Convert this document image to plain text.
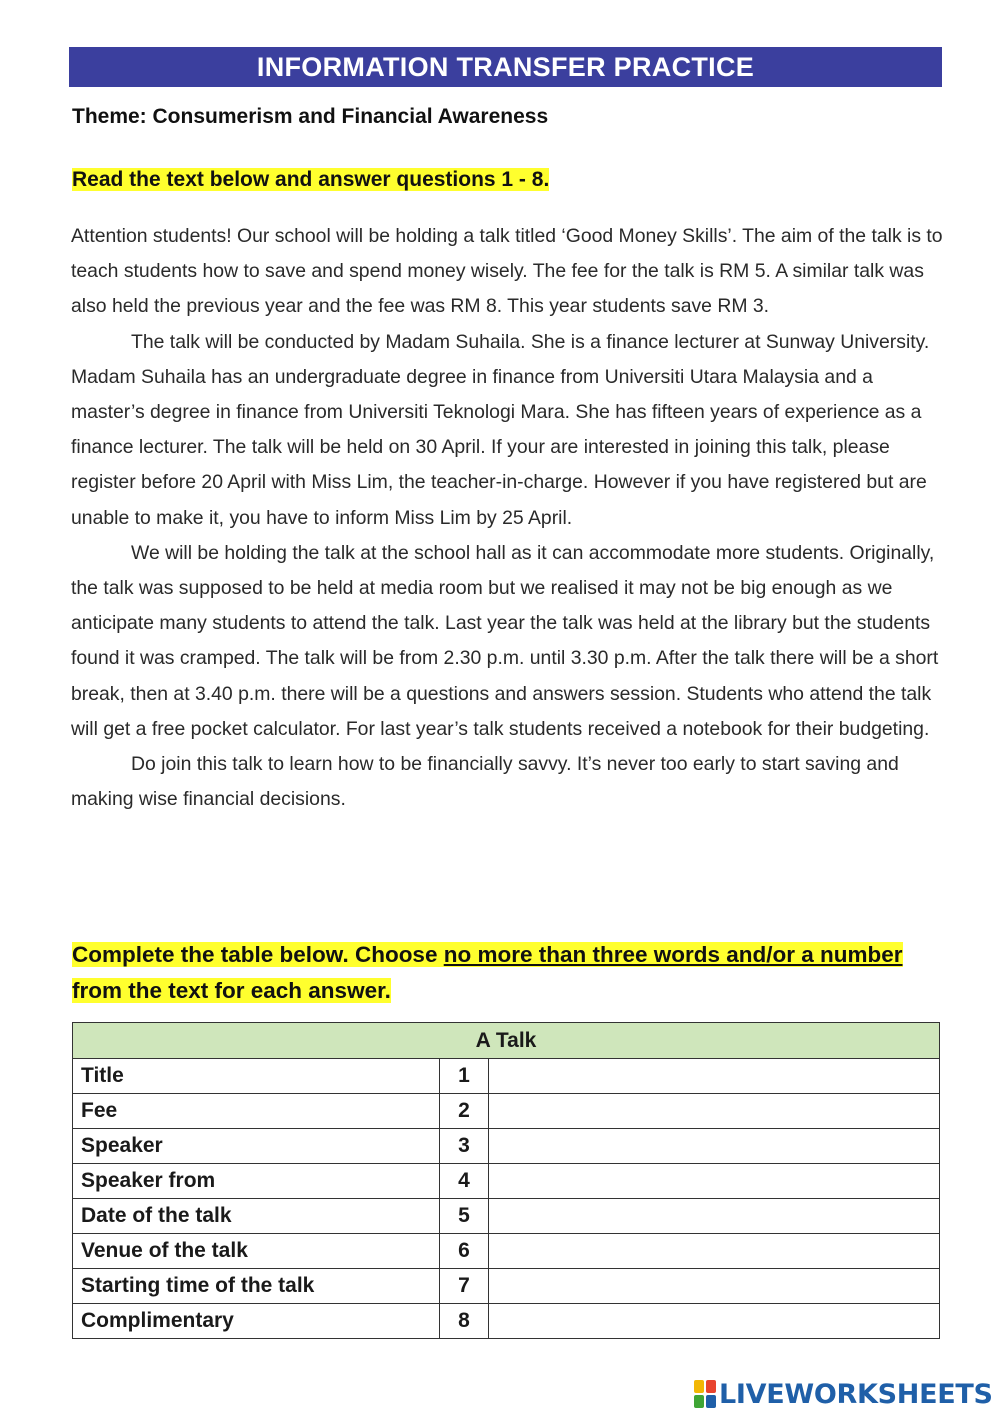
INFORMATION TRANSFER PRACTICE
Theme: Consumerism and Financial Awareness
Read the text below and answer questions 1 - 8.

Attention students! Our school will be holding a talk titled ‘Good Money Skills’. The aim of the talk is to teach students how to save and spend money wisely. The fee for the talk is RM 5. A similar talk was also held the previous year and the fee was RM 8. This year students save RM 3.

The talk will be conducted by Madam Suhaila. She is a finance lecturer at Sunway University. Madam Suhaila has an undergraduate degree in finance from Universiti Utara Malaysia and a master’s degree in finance from Universiti Teknologi Mara. She has fifteen years of experience as a finance lecturer. The talk will be held on 30 April. If your are interested in joining this talk, please register before 20 April with Miss Lim, the teacher-in-charge. However if you have registered but are unable to make it, you have to inform Miss Lim by 25 April.

We will be holding the talk at the school hall as it can accommodate more students. Originally, the talk was supposed to be held at media room but we realised it may not be big enough as we anticipate many students to attend the talk. Last year the talk was held at the library but the students found it was cramped. The talk will be from 2.30 p.m. until 3.30 p.m. After the talk there will be a short break, then at 3.40 p.m. there will be a questions and answers session. Students who attend the talk will get a free pocket calculator. For last year’s talk students received a notebook for their budgeting.

Do join this talk to learn how to be financially savvy. It’s never too early to start saving and making wise financial decisions.

Complete the table below. Choose no more than three words and/or a number from the text for each answer.
A Talk		
Title	1	
Fee	2	
Speaker	3	
Speaker from	4	
Date of the talk	5	
Venue of the talk	6	
Starting time of the talk	7	
Complimentary	8	
LIVEWORKSHEETS
